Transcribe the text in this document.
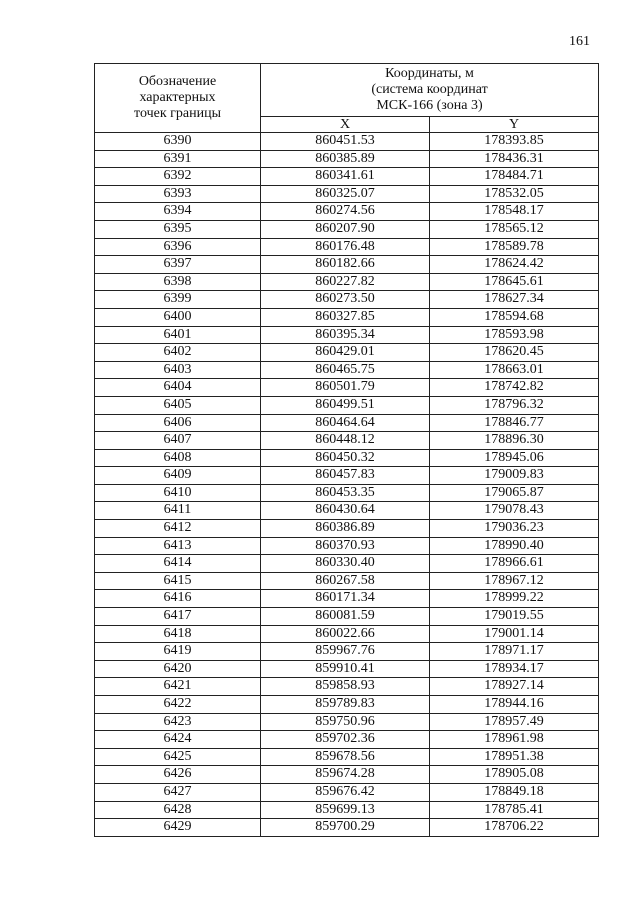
161
Обозначение
характерных
точек границы	Координаты, м
(система координат
МСК-166 (зона 3)	

	X	Y
6390	860451.53	178393.85
6391	860385.89	178436.31
6392	860341.61	178484.71
6393	860325.07	178532.05
6394	860274.56	178548.17
6395	860207.90	178565.12
6396	860176.48	178589.78
6397	860182.66	178624.42
6398	860227.82	178645.61
6399	860273.50	178627.34
6400	860327.85	178594.68
6401	860395.34	178593.98
6402	860429.01	178620.45
6403	860465.75	178663.01
6404	860501.79	178742.82
6405	860499.51	178796.32
6406	860464.64	178846.77
6407	860448.12	178896.30
6408	860450.32	178945.06
6409	860457.83	179009.83
6410	860453.35	179065.87
6411	860430.64	179078.43
6412	860386.89	179036.23
6413	860370.93	178990.40
6414	860330.40	178966.61
6415	860267.58	178967.12
6416	860171.34	178999.22
6417	860081.59	179019.55
6418	860022.66	179001.14
6419	859967.76	178971.17
6420	859910.41	178934.17
6421	859858.93	178927.14
6422	859789.83	178944.16
6423	859750.96	178957.49
6424	859702.36	178961.98
6425	859678.56	178951.38
6426	859674.28	178905.08
6427	859676.42	178849.18
6428	859699.13	178785.41
6429	859700.29	178706.22
